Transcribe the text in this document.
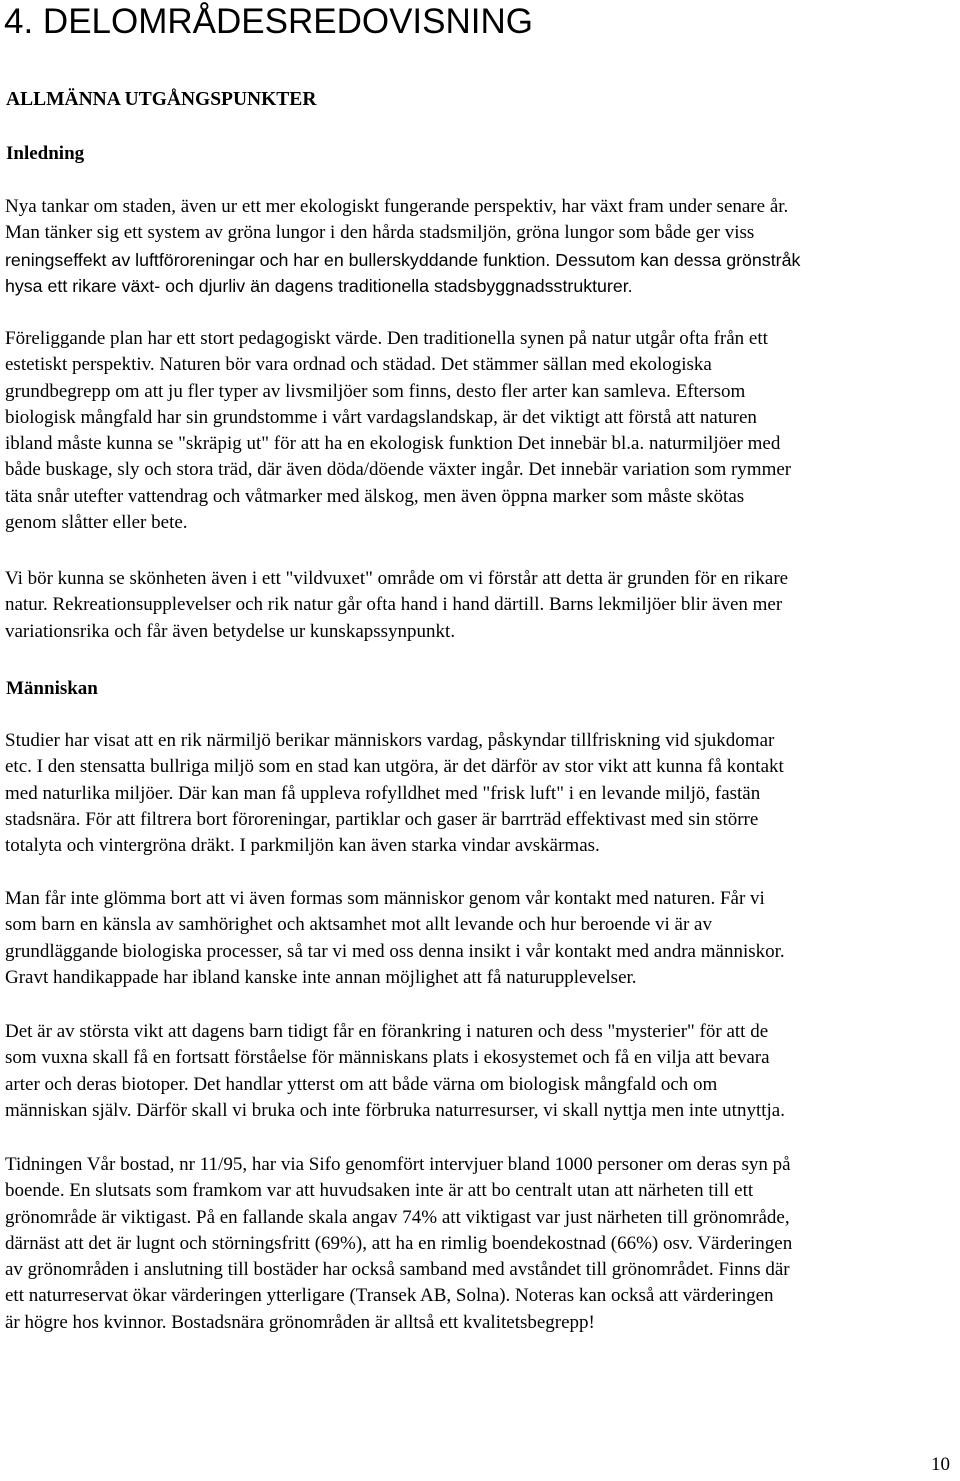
4. DELOMRÅDESREDOVISNING
ALLMÄNNA UTGÅNGSPUNKTER
Inledning
Nya tankar om staden, även ur ett mer ekologiskt fungerande perspektiv, har växt fram under senare år.
Man tänker sig ett system av gröna lungor i den hårda stadsmiljön, gröna lungor som både ger viss
reningseffekt av luftföroreningar och har en bullerskyddande funktion. Dessutom kan dessa grönstråk
hysa ett rikare växt- och djurliv än dagens traditionella stadsbyggnadsstrukturer.
Föreliggande plan har ett stort pedagogiskt värde. Den traditionella synen på natur utgår ofta från ett
estetiskt perspektiv. Naturen bör vara ordnad och städad. Det stämmer sällan med ekologiska
grundbegrepp om att ju fler typer av livsmiljöer som finns, desto fler arter kan samleva. Eftersom
biologisk mångfald har sin grundstomme i vårt vardagslandskap, är det viktigt att förstå att naturen
ibland måste kunna se "skräpig ut" för att ha en ekologisk funktion Det innebär bl.a. naturmiljöer med
både buskage, sly och stora träd, där även döda/döende växter ingår. Det innebär variation som rymmer
täta snår utefter vattendrag och våtmarker med älskog, men även öppna marker som måste skötas
genom slåtter eller bete.
Vi bör kunna se skönheten även i ett "vildvuxet" område om vi förstår att detta är grunden för en rikare
natur. Rekreationsupplevelser och rik natur går ofta hand i hand därtill. Barns lekmiljöer blir även mer
variationsrika och får även betydelse ur kunskapssynpunkt.
Människan
Studier har visat att en rik närmiljö berikar människors vardag, påskyndar tillfriskning vid sjukdomar
etc. I den stensatta bullriga miljö som en stad kan utgöra, är det därför av stor vikt att kunna få kontakt
med naturlika miljöer. Där kan man få uppleva rofylldhet med "frisk luft" i en levande miljö, fastän
stadsnära. För att filtrera bort föroreningar, partiklar och gaser är barrträd effektivast med sin större
totalyta och vintergröna dräkt. I parkmiljön kan även starka vindar avskärmas.
Man får inte glömma bort att vi även formas som människor genom vår kontakt med naturen. Får vi
som barn en känsla av samhörighet och aktsamhet mot allt levande och hur beroende vi är av
grundläggande biologiska processer, så tar vi med oss denna insikt i vår kontakt med andra människor.
Gravt handikappade har ibland kanske inte annan möjlighet att få naturupplevelser.
Det är av största vikt att dagens barn tidigt får en förankring i naturen och dess "mysterier" för att de
som vuxna skall få en fortsatt förståelse för människans plats i ekosystemet och få en vilja att bevara
arter och deras biotoper. Det handlar ytterst om att både värna om biologisk mångfald och om
människan själv. Därför skall vi bruka och inte förbruka naturresurser, vi skall nyttja men inte utnyttja.
Tidningen Vår bostad, nr 11/95, har via Sifo genomfört intervjuer bland 1000 personer om deras syn på
boende. En slutsats som framkom var att huvudsaken inte är att bo centralt utan att närheten till ett
grönområde är viktigast. På en fallande skala angav 74% att viktigast var just närheten till grönområde,
därnäst att det är lugnt och störningsfritt (69%), att ha en rimlig boendekostnad (66%) osv. Värderingen
av grönområden i anslutning till bostäder har också samband med avståndet till grönområdet. Finns där
ett naturreservat ökar värderingen ytterligare (Transek AB, Solna). Noteras kan också att värderingen
är högre hos kvinnor. Bostadsnära grönområden är alltså ett kvalitetsbegrepp!
10
